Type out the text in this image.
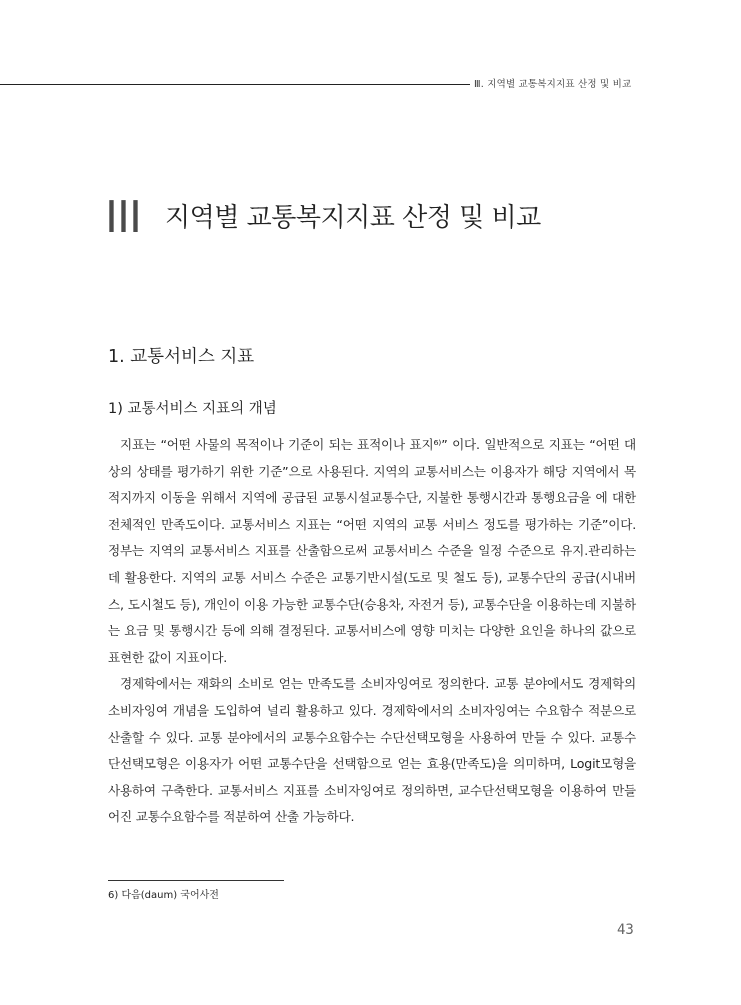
Ⅲ. 지역별 교통복지지표 산정 및 비교
III 지역별 교통복지지표 산정 및 비교
1. 교통서비스 지표
1) 교통서비스 지표의 개념

지표는 “어떤 사물의 목적이나 기준이 되는 표적이나 표지⁶⁾” 이다. 일반적으로 지표는 “어떤 대상의 상태를 평가하기 위한 기준”으로 사용된다. 지역의 교통서비스는 이용자가 해당 지역에서 목적지까지 이동을 위해서 지역에 공급된 교통시설교통수단, 지불한 통행시간과 통행요금을 에 대한 전체적인 만족도이다. 교통서비스 지표는 “어떤 지역의 교통 서비스 정도를 평가하는 기준”이다. 정부는 지역의 교통서비스 지표를 산출함으로써 교통서비스 수준을 일정 수준으로 유지․관리하는데 활용한다. 지역의 교통 서비스 수준은 교통기반시설(도로 및 철도 등), 교통수단의 공급(시내버스, 도시철도 등), 개인이 이용 가능한 교통수단(승용차, 자전거 등), 교통수단을 이용하는데 지불하는 요금 및 통행시간 등에 의해 결정된다. 교통서비스에 영향 미치는 다양한 요인을 하나의 값으로 표현한 값이 지표이다.

경제학에서는 재화의 소비로 얻는 만족도를 소비자잉여로 정의한다. 교통 분야에서도 경제학의 소비자잉여 개념을 도입하여 널리 활용하고 있다. 경제학에서의 소비자잉여는 수요함수 적분으로 산출할 수 있다. 교통 분야에서의 교통수요함수는 수단선택모형을 사용하여 만들 수 있다. 교통수단선택모형은 이용자가 어떤 교통수단을 선택함으로 얻는 효용(만족도)을 의미하며, Logit모형을 사용하여 구축한다. 교통서비스 지표를 소비자잉여로 정의하면, 교수단선택모형을 이용하여 만들어진 교통수요함수를 적분하여 산출 가능하다.

6) 다음(daum) 국어사전
43
